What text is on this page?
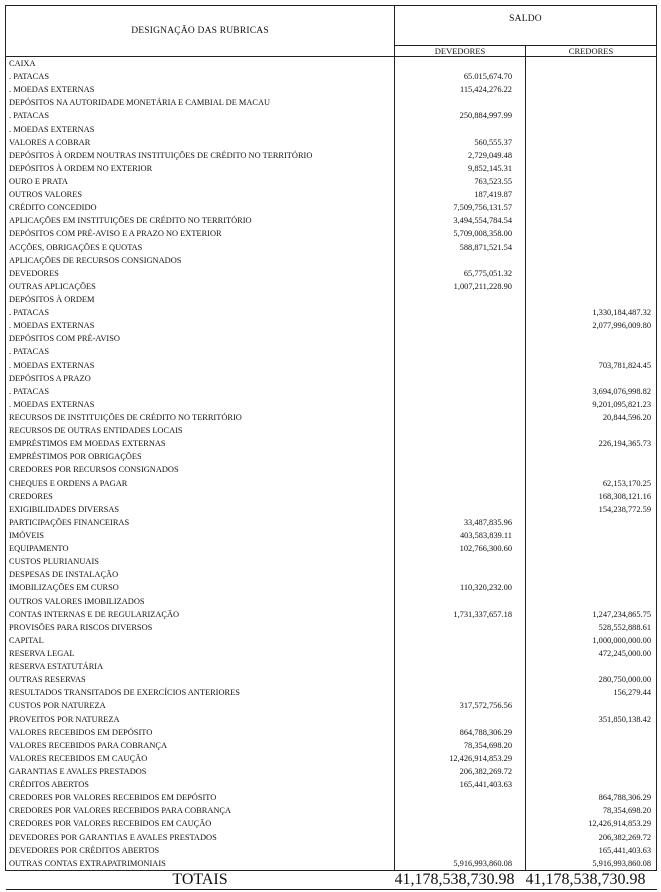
DESIGNAÇÃO DAS RUBRICAS	SALDO	
	DEVEDORES	CREDORES
CAIXA		
. PATACAS	65.015,674.70	
. MOEDAS EXTERNAS	115,424,276.22	
DEPÓSITOS NA AUTORIDADE MONETÁRIA E CAMBIAL DE MACAU		
. PATACAS	250,884,997.99	
. MOEDAS EXTERNAS		
VALORES A COBRAR	560,555.37	
DEPÓSITOS À ORDEM NOUTRAS INSTITUIÇÕES DE CRÉDITO NO TERRITÓRIO	2,729,049.48	
DEPÓSITOS À ORDEM NO EXTERIOR	9,852,145.31	
OURO E PRATA	763,523.55	
OUTROS VALORES	187,419.87	
CRÉDITO CONCEDIDO	7,509,756,131.57	
APLICAÇÕES EM INSTITUIÇÕES DE CRÉDITO NO TERRITÓRIO	3,494,554,784.54	
DEPÓSITOS COM PRÉ-AVISO E A PRAZO NO EXTERIOR	5,709,008,358.00	
ACÇÕES, OBRIGAÇÕES E QUOTAS	588,871,521.54	
APLICAÇÕES DE RECURSOS CONSIGNADOS		
DEVEDORES	65,775,051.32	
OUTRAS APLICAÇÕES	1,007,211,228.90	
DEPÓSITOS À ORDEM		
. PATACAS		1,330,184,487.32
. MOEDAS EXTERNAS		2,077,996,009.80
DEPÓSITOS COM PRÉ-AVISO		
. PATACAS		
. MOEDAS EXTERNAS		703,781,824.45
DEPÓSITOS A PRAZO		
. PATACAS		3,694,076,998.82
. MOEDAS EXTERNAS		9,201,095,821.23
RECURSOS DE INSTITUIÇÕES DE CRÉDITO NO TERRITÓRIO		20,844,596.20
RECURSOS DE OUTRAS ENTIDADES LOCAIS		
EMPRÉSTIMOS EM MOEDAS EXTERNAS		226,194,365.73
EMPRÉSTIMOS POR OBRIGAÇÕES		
CREDORES POR RECURSOS CONSIGNADOS		
CHEQUES E ORDENS A PAGAR		62,153,170.25
CREDORES		168,308,121.16
EXIGIBILIDADES DIVERSAS		154,238,772.59
PARTICIPAÇÕES FINANCEIRAS	33,487,835.96	
IMÓVEIS	403,583,839.11	
EQUIPAMENTO	102,766,300.60	
CUSTOS PLURIANUAIS		
DESPESAS DE INSTALAÇÃO		
IMOBILIZAÇÕES EM CURSO	110,320,232.00	
OUTROS VALORES IMOBILIZADOS		
CONTAS INTERNAS E DE REGULARIZAÇÃO	1,731,337,657.18	1,247,234,865.75
PROVISÕES PARA RISCOS DIVERSOS		528,552,888.61
CAPITAL		1,000,000,000.00
RESERVA LEGAL		472,245,000.00
RESERVA ESTATUTÁRIA		
OUTRAS RESERVAS		280,750,000.00
RESULTADOS TRANSITADOS DE EXERCÍCIOS ANTERIORES		156,279.44
CUSTOS POR NATUREZA	317,572,756.56	
PROVEITOS POR NATUREZA		351,850,138.42
VALORES RECEBIDOS EM DEPÓSITO	864,788,306.29	
VALORES RECEBIDOS PARA COBRANÇA	78,354,698.20	
VALORES RECEBIDOS EM CAUÇÃO	12,426,914,853.29	
GARANTIAS E AVALES PRESTADOS	206,382,269.72	
CRÉDITOS ABERTOS	165,441,403.63	
CREDORES POR VALORES RECEBIDOS EM DEPÓSITO		864,788,306.29
CREDORES POR VALORES RECEBIDOS PARA COBRANÇA		78,354,698.20
CREDORES POR VALORES RECEBIDOS EM CAUÇÃO		12,426,914,853.29
DEVEDORES POR GARANTIAS E AVALES PRESTADOS		206,382,269.72
DEVEDORES POR CRÉDITOS ABERTOS		165,441,403.63
OUTRAS CONTAS EXTRAPATRIMONIAIS	5,916,993,860.08	5,916,993,860.08
TOTAIS	41,178,538,730.98	41,178,538,730.98
